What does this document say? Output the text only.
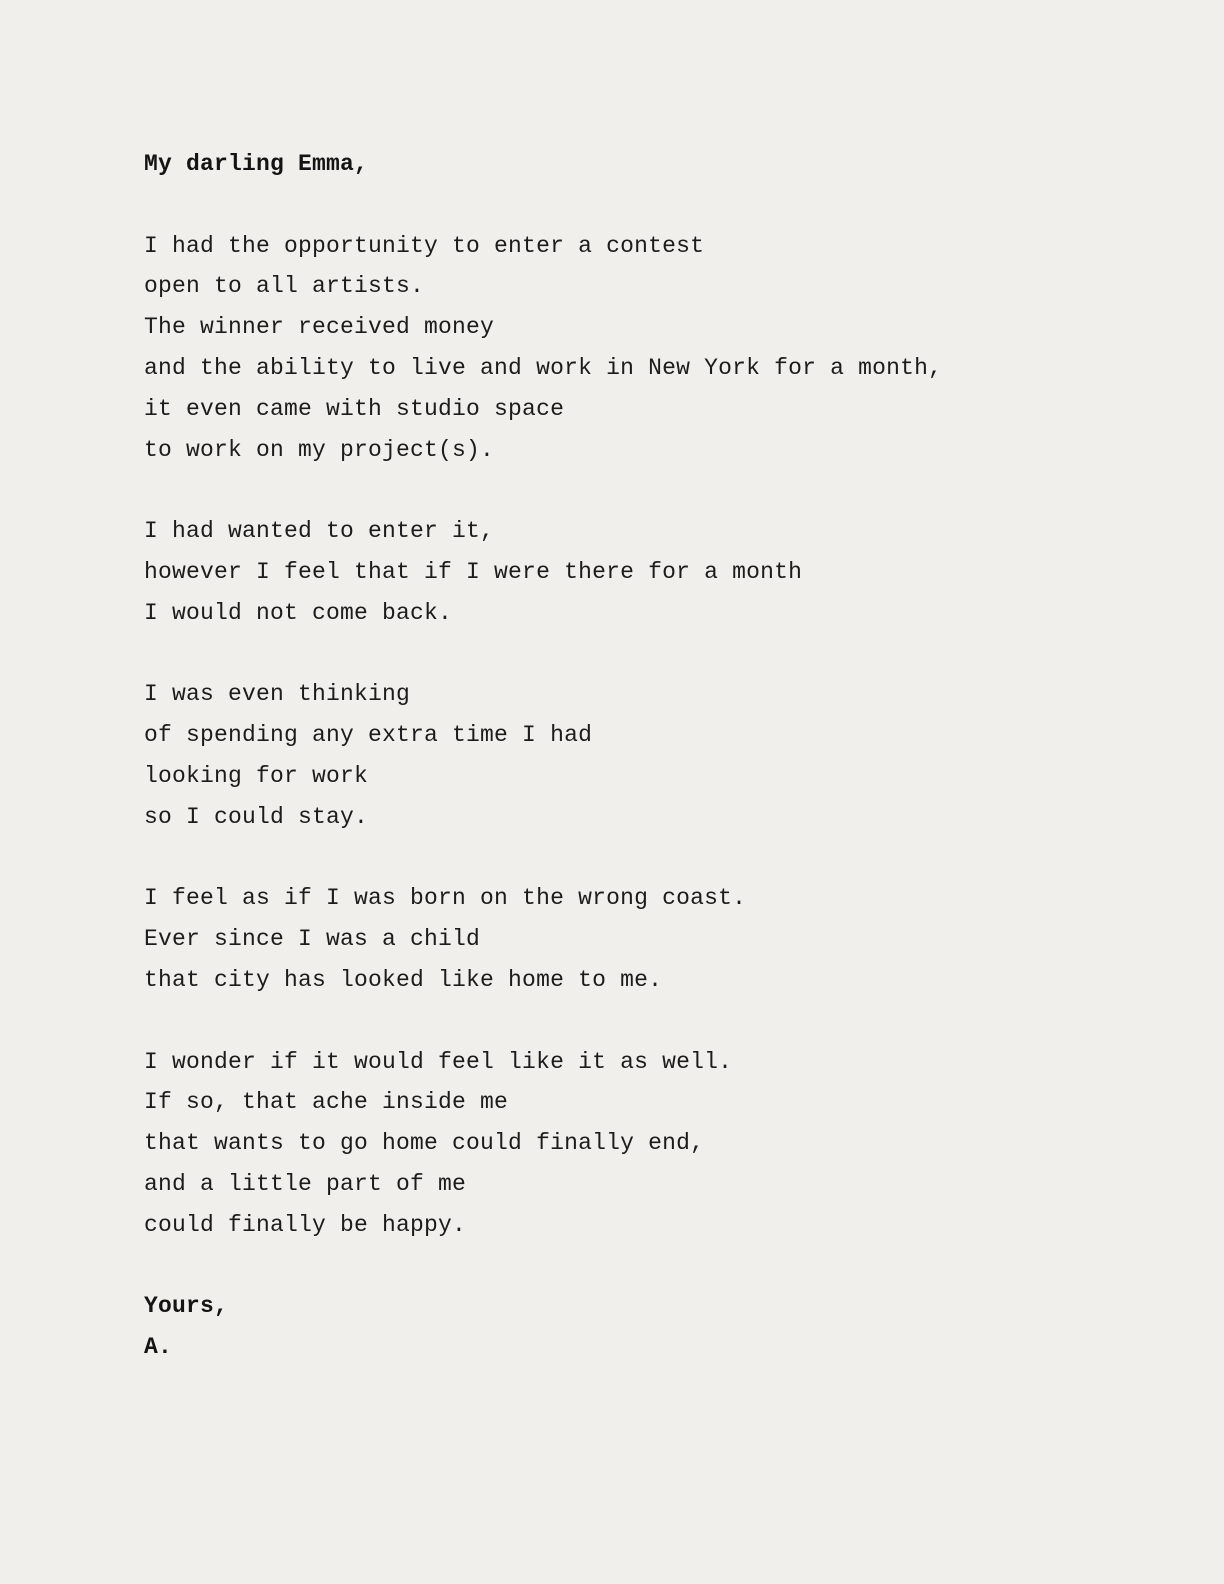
My darling Emma,
I had the opportunity to enter a contest
open to all artists.
The winner received money
and the ability to live and work in New York for a month,
it even came with studio space
to work on my project(s).
I had wanted to enter it,
however I feel that if I were there for a month
I would not come back.
I was even thinking
of spending any extra time I had
looking for work
so I could stay.
I feel as if I was born on the wrong coast.
Ever since I was a child
that city has looked like home to me.
I wonder if it would feel like it as well.
If so, that ache inside me
that wants to go home could finally end,
and a little part of me
could finally be happy.
Yours,
A.
